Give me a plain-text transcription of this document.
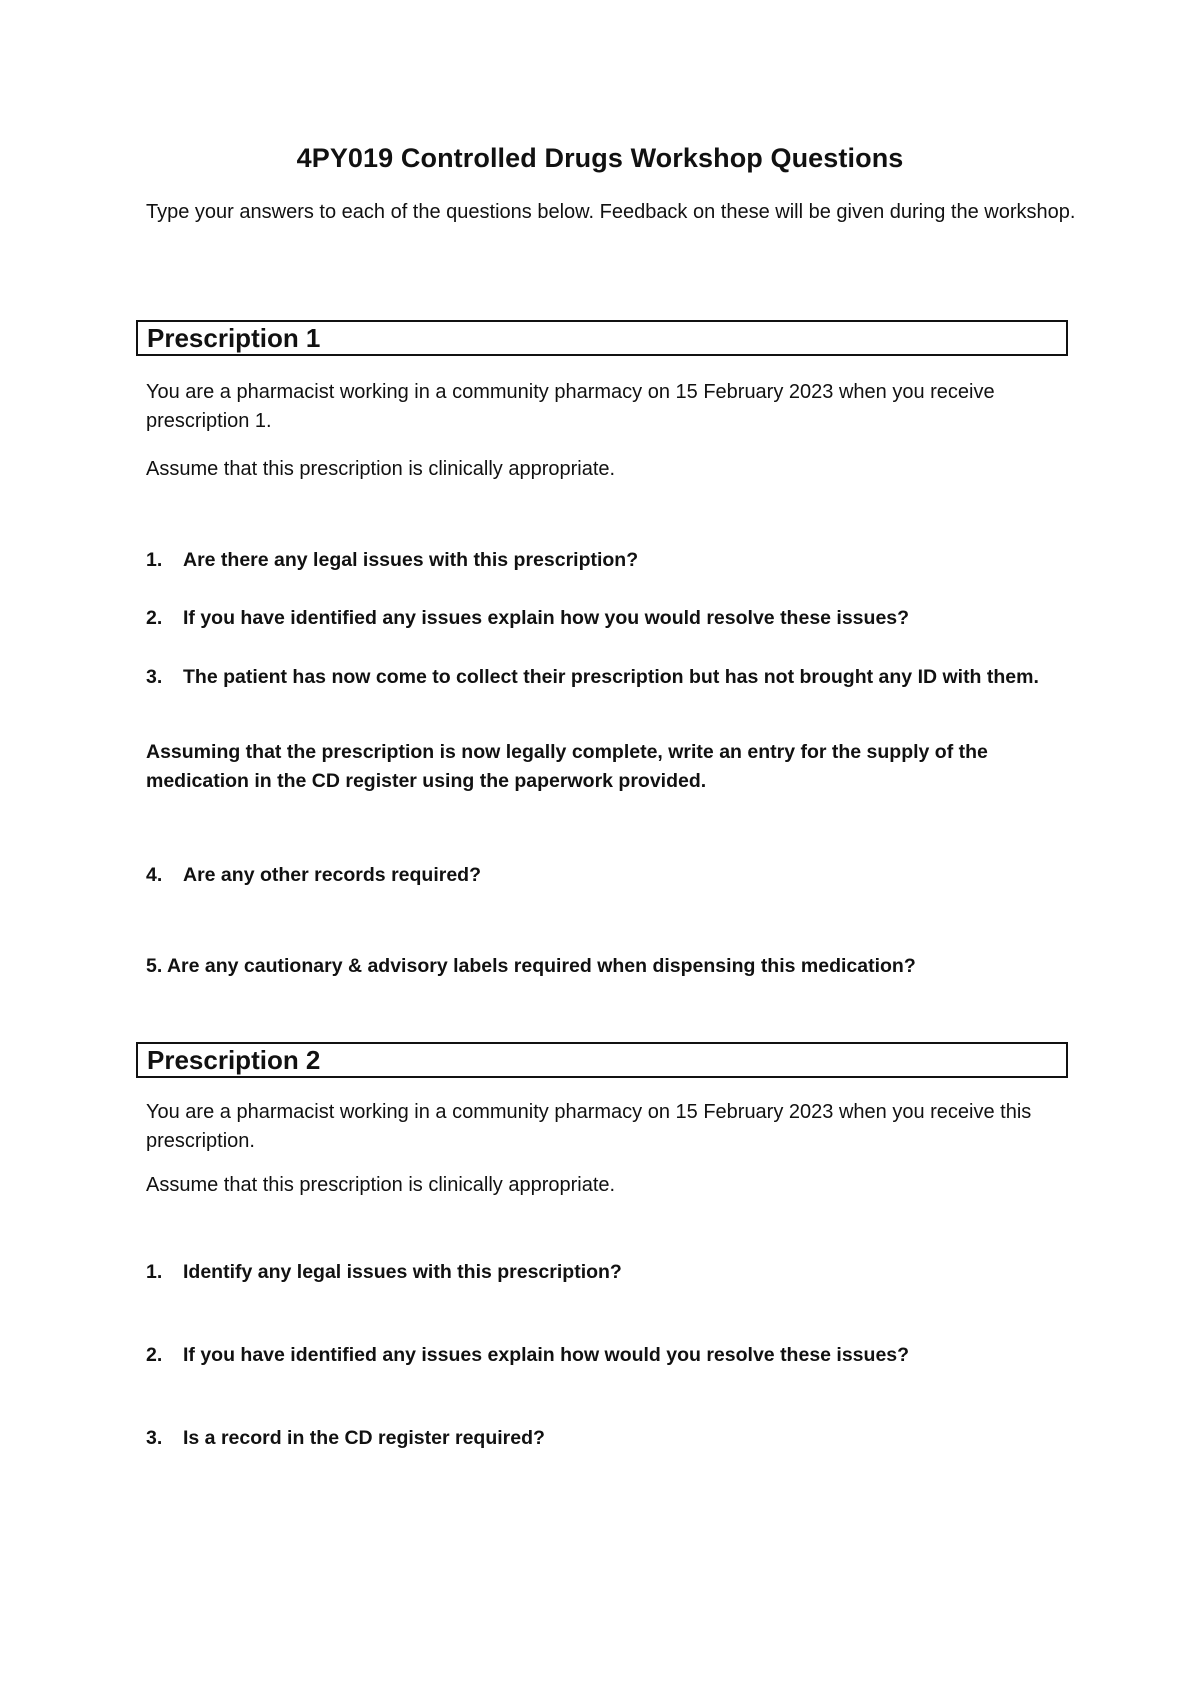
4PY019 Controlled Drugs Workshop Questions

Type your answers to each of the questions below. Feedback on these will be given during the workshop.

Prescription 1

You are a pharmacist working in a community pharmacy on 15 February 2023 when you receive prescription 1.

Assume that this prescription is clinically appropriate.

1.	Are there any legal issues with this prescription?
2.	If you have identified any issues explain how you would resolve these issues?
3.	The patient has now come to collect their prescription but has not brought any ID with them.

Assuming that the prescription is now legally complete, write an entry for the supply of the medication in the CD register using the paperwork provided.

4.	Are any other records required?
5. Are any cautionary & advisory labels required when dispensing this medication?
Prescription 2

You are a pharmacist working in a community pharmacy on 15 February 2023 when you receive this prescription.

Assume that this prescription is clinically appropriate.

1.	Identify any legal issues with this prescription?
2.	If you have identified any issues explain how would you resolve these issues?
3.	Is a record in the CD register required?
